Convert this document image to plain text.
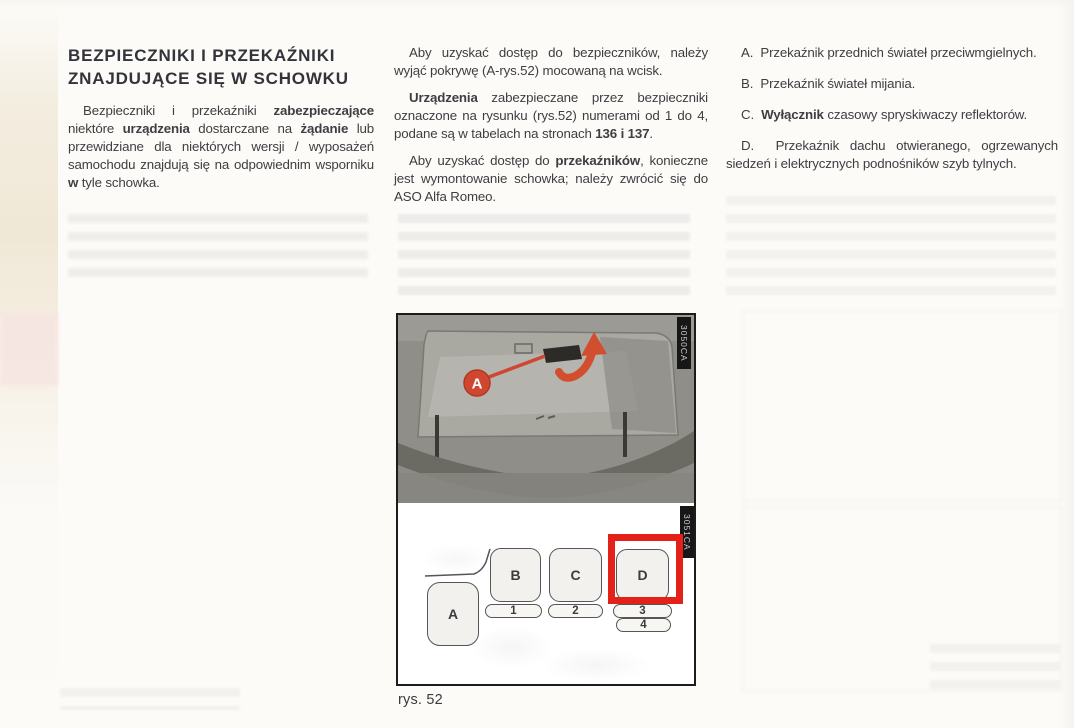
BEZPIECZNIKI I PRZEKAŹNIKI
ZNAJDUJĄCE SIĘ W SCHOWKU

Bezpieczniki i przekaźniki zabezpieczające niektóre urządzenia dostarczane na żądanie lub przewidziane dla niektórych wersji / wyposażeń samochodu znajdują się na odpowiednim wsporniku w tyle schowka.

Aby uzyskać dostęp do bezpieczników, należy wyjąć pokrywę (A-rys.52) mocowaną na wcisk.

Urządzenia zabezpieczane przez bezpieczniki oznaczone na rysunku (rys.52) numerami od 1 do 4, podane są w tabelach na stronach 136 i 137.

Aby uzyskać dostęp do przekaźników, konieczne jest wymontowanie schowka; należy zwrócić się do ASO Alfa Romeo.

A.  Przekaźnik przednich świateł przeciwmgielnych.

B.  Przekaźnik świateł mijania.

C.  Wyłącznik czasowy spryskiwaczy reflektorów.

D.  Przekaźnik dachu otwieranego, ogrzewanych siedzeń i elektrycznych podnośników szyb tylnych.

A
3050CA
3051CA
A
B	C	D
1	2	3
4
rys. 52
